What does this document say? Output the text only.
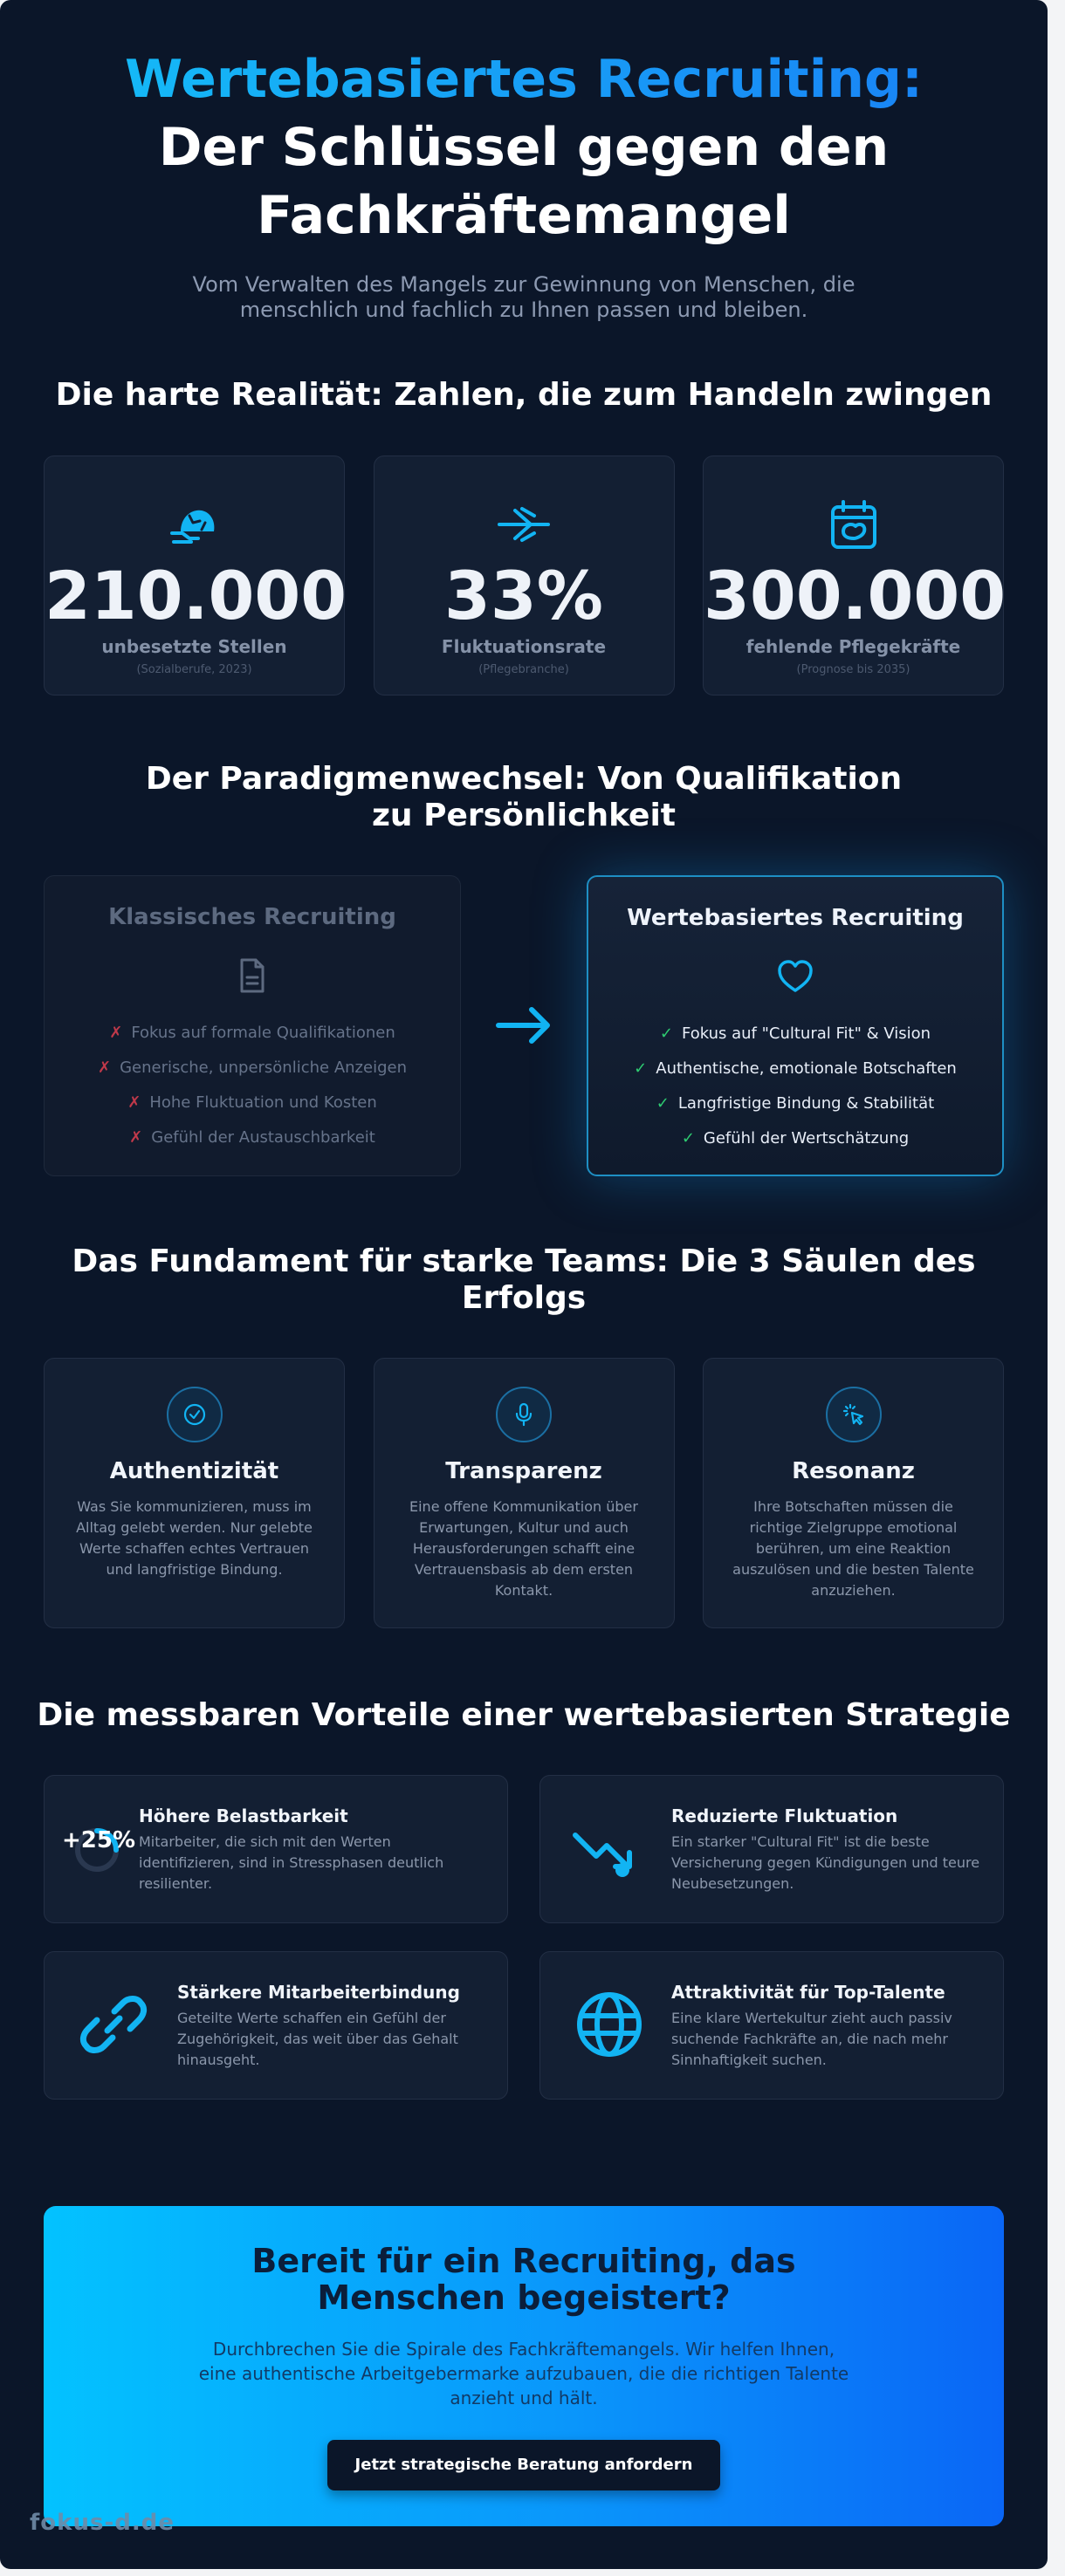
Wertebasiertes Recruiting:
Der Schlüssel gegen den Fachkräftemangel
Vom Verwalten des Mangels zur Gewinnung von Menschen, die menschlich und fachlich zu Ihnen passen und bleiben.
Die harte Realität: Zahlen, die zum Handeln zwingen
210.000
unbesetzte Stellen
(Sozialberufe, 2023)
33%
Fluktuationsrate
(Pflegebranche)
300.000
fehlende Pflegekräfte
(Prognose bis 2035)
Der Paradigmenwechsel: Von Qualifikation zu Persönlichkeit
Klassisches Recruiting
✗ Fokus auf formale Qualifikationen
✗ Generische, unpersönliche Anzeigen
✗ Hohe Fluktuation und Kosten
✗ Gefühl der Austauschbarkeit
Wertebasiertes Recruiting
✓ Fokus auf "Cultural Fit" & Vision
✓ Authentische, emotionale Botschaften
✓ Langfristige Bindung & Stabilität
✓ Gefühl der Wertschätzung
Das Fundament für starke Teams: Die 3 Säulen des Erfolgs
Authentizität
Was Sie kommunizieren, muss im Alltag gelebt werden. Nur gelebte Werte schaffen echtes Vertrauen und langfristige Bindung.
Transparenz
Eine offene Kommunikation über Erwartungen, Kultur und auch Herausforderungen schafft eine Vertrauensbasis ab dem ersten Kontakt.
Resonanz
Ihre Botschaften müssen die richtige Zielgruppe emotional berühren, um eine Reaktion auszulösen und die besten Talente anzuziehen.
Die messbaren Vorteile einer wertebasierten Strategie
+25%
Höhere Belastbarkeit
Mitarbeiter, die sich mit den Werten identifizieren, sind in Stressphasen deutlich resilienter.
Reduzierte Fluktuation
Ein starker "Cultural Fit" ist die beste Versicherung gegen Kündigungen und teure Neubesetzungen.
Stärkere Mitarbeiterbindung
Geteilte Werte schaffen ein Gefühl der Zugehörigkeit, das weit über das Gehalt hinausgeht.
Attraktivität für Top-Talente
Eine klare Wertekultur zieht auch passiv suchende Fachkräfte an, die nach mehr Sinnhaftigkeit suchen.
Bereit für ein Recruiting, das Menschen begeistert?
Durchbrechen Sie die Spirale des Fachkräftemangels. Wir helfen Ihnen, eine authentische Arbeitgebermarke aufzubauen, die die richtigen Talente anzieht und hält.
Jetzt strategische Beratung anfordern
fokus-d.de
